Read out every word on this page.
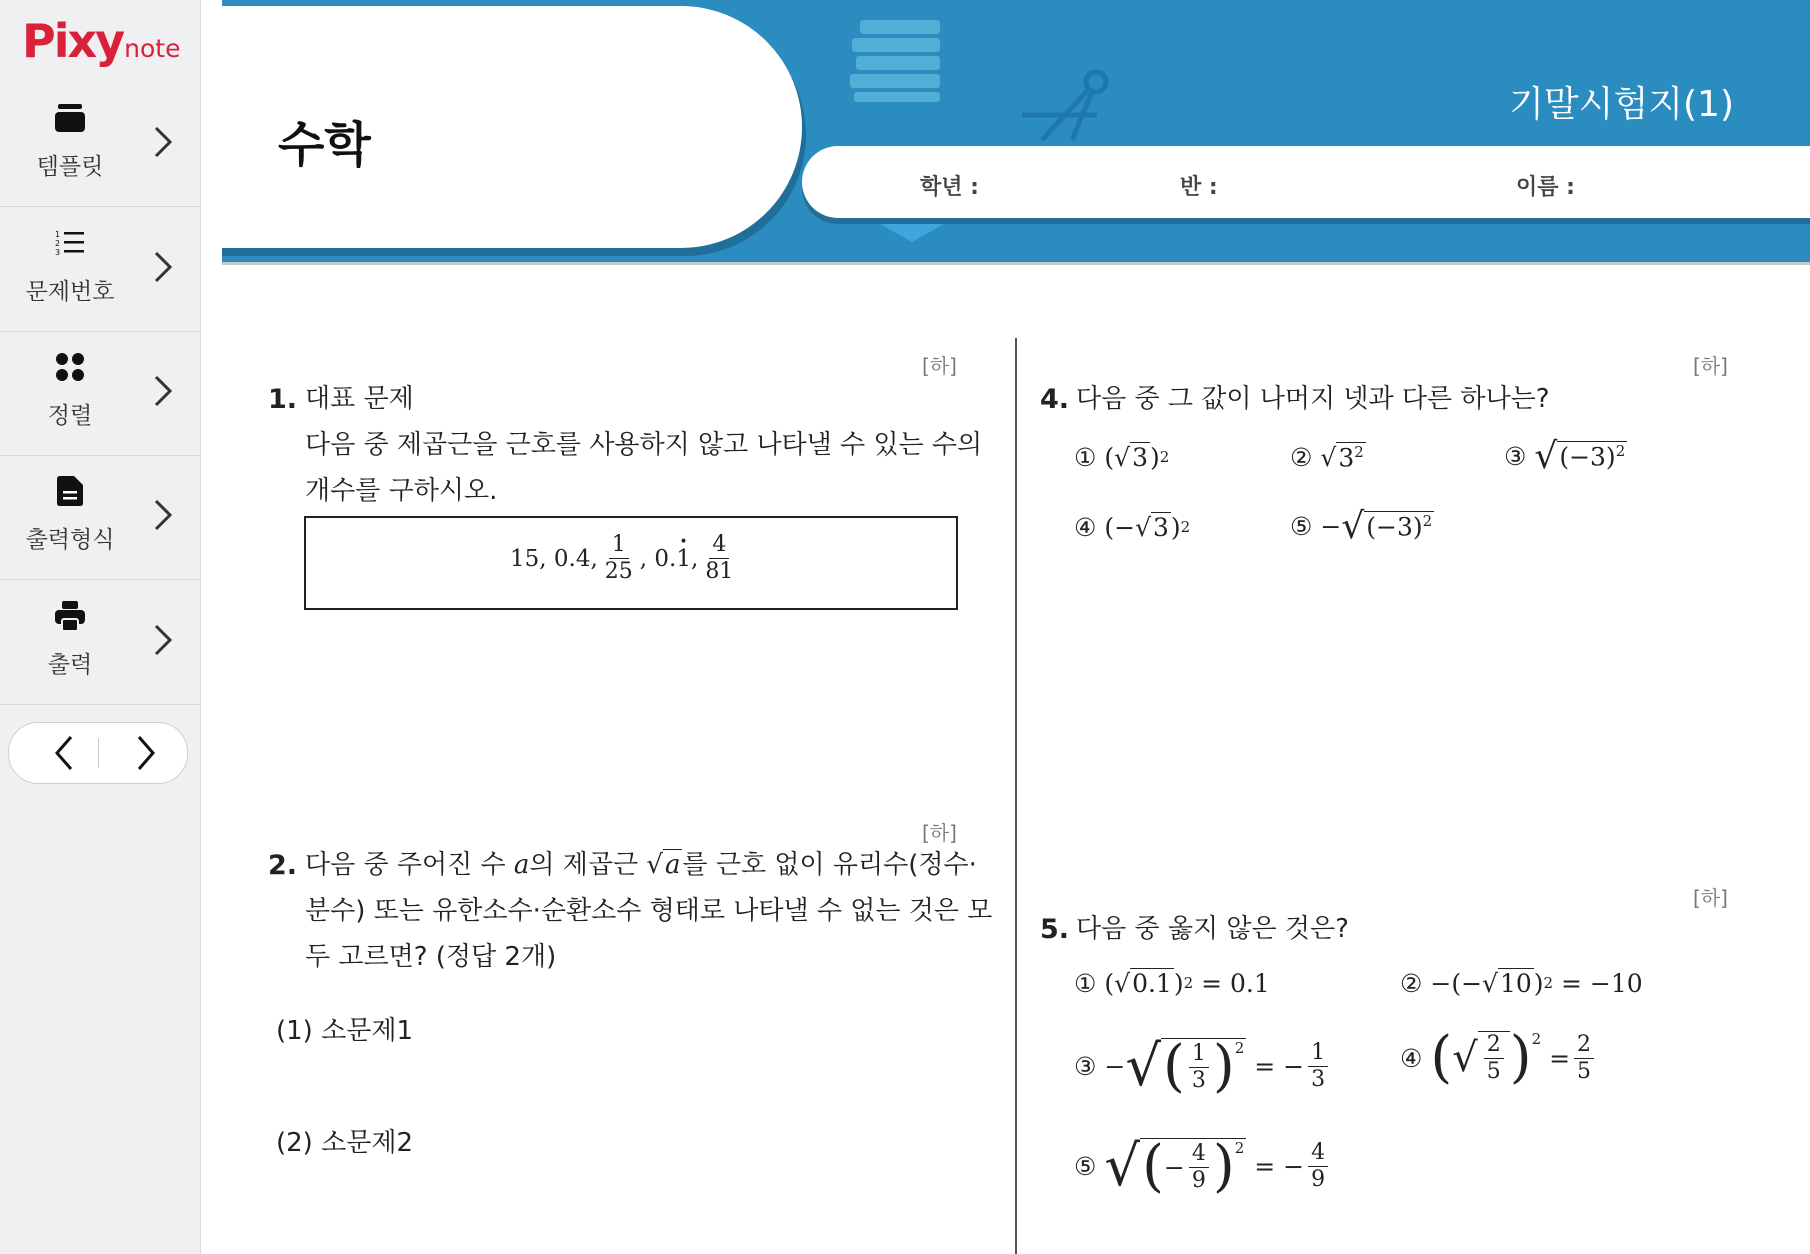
Pixynote
템플릿
1
2
3
문제번호
정렬
출력형식
출력
수학
기말시험지(1)
학년 :	반 :	이름 :
[하]
1. 대표 문제
다음 중 제곱근을 근호를 사용하지 않고 나타낼 수 있는 수의
개수를 구하시오.
15, 0.4, $\frac{1}{25}$ , 0. 1
•
, $\frac{4}{81}$
[하]
2. 다음 중 주어진 수 a의 제곱근 √a를 근호 없이 유리수(정수·
분수) 또는 유한소수·순환소수 형태로 나타낼 수 없는 것은 모
두 고르면? (정답 2개)
(1) 소문제1
(2) 소문제2
[하]
4. 다음 중 그 값이 나머지 넷과 다른 하나는?
① (√ 3 ) 2	② √ $3^2$	③
√ $(-3)^2$
④ (−√ 3 ) 2	⑤ − √ $(-3)^2$
[하]
5. 다음 중 옳지 않은 것은?
① (√ 0.1 ) 2 = 0.1	② −(−√ 10 ) 2 = −10
③ − √ ( $\frac{1}{3}$ ) 2
= − $\frac{1}{3}$	④
( √ $\frac{2}{5}$ ) 2
= $\frac{2}{5}$
⑤
√ ( − $\frac{4}{9}$ ) 2
= − $\frac{4}{9}$
